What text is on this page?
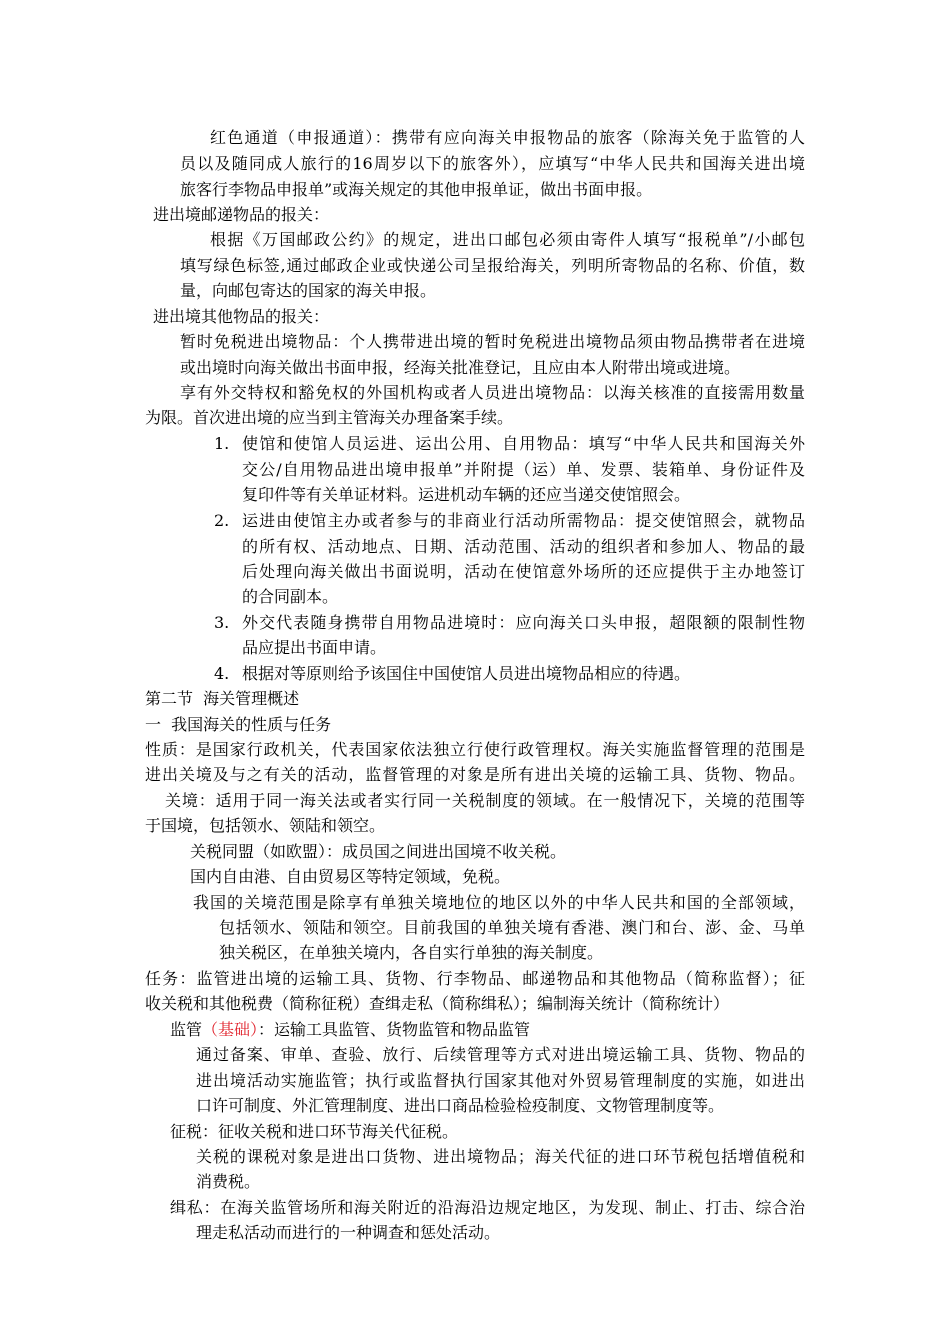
红色通道（申报通道）：携带有应向海关申报物品的旅客（除海关免于监管的人
员以及随同成人旅行的16周岁以下的旅客外），应填写“中华人民共和国海关进出境
旅客行李物品申报单”或海关规定的其他申报单证，做出书面申报。
进出境邮递物品的报关：
根据《万国邮政公约》的规定，进出口邮包必须由寄件人填写“报税单”/小邮包
填写绿色标签,通过邮政企业或快递公司呈报给海关，列明所寄物品的名称、价值，数
量，向邮包寄达的国家的海关申报。
进出境其他物品的报关：
暂时免税进出境物品：个人携带进出境的暂时免税进出境物品须由物品携带者在进境
或出境时向海关做出书面申报，经海关批准登记，且应由本人附带出境或进境。
享有外交特权和豁免权的外国机构或者人员进出境物品：以海关核准的直接需用数量
为限。首次进出境的应当到主管海关办理备案手续。
1. 使馆和使馆人员运进、运出公用、自用物品：填写“中华人民共和国海关外
交公/自用物品进出境申报单”并附提（运）单、发票、装箱单、身份证件及
复印件等有关单证材料。运进机动车辆的还应当递交使馆照会。
2. 运进由使馆主办或者参与的非商业行活动所需物品：提交使馆照会，就物品
的所有权、活动地点、日期、活动范围、活动的组织者和参加人、物品的最
后处理向海关做出书面说明，活动在使馆意外场所的还应提供于主办地签订
的合同副本。
3. 外交代表随身携带自用物品进境时：应向海关口头申报，超限额的限制性物
品应提出书面申请。
4. 根据对等原则给予该国住中国使馆人员进出境物品相应的待遇。
第二节  海关管理概述
一  我国海关的性质与任务
性质：是国家行政机关，代表国家依法独立行使行政管理权。海关实施监督管理的范围是
进出关境及与之有关的活动，监督管理的对象是所有进出关境的运输工具、货物、物品。
关境：适用于同一海关法或者实行同一关税制度的领域。在一般情况下，关境的范围等
于国境，包括领水、领陆和领空。
关税同盟（如欧盟）：成员国之间进出国境不收关税。
国内自由港、自由贸易区等特定领域，免税。
我国的关境范围是除享有单独关境地位的地区以外的中华人民共和国的全部领域，
包括领水、领陆和领空。目前我国的单独关境有香港、澳门和台、澎、金、马单
独关税区，在单独关境内，各自实行单独的海关制度。
任务：监管进出境的运输工具、货物、行李物品、邮递物品和其他物品（简称监督）；征
收关税和其他税费（简称征税）查缉走私（简称缉私）；编制海关统计（简称统计）
监管（基础）：运输工具监管、货物监管和物品监管
通过备案、审单、查验、放行、后续管理等方式对进出境运输工具、货物、物品的
进出境活动实施监管；执行或监督执行国家其他对外贸易管理制度的实施，如进出
口许可制度、外汇管理制度、进出口商品检验检疫制度、文物管理制度等。
征税：征收关税和进口环节海关代征税。
关税的课税对象是进出口货物、进出境物品；海关代征的进口环节税包括增值税和
消费税。
缉私：在海关监管场所和海关附近的沿海沿边规定地区，为发现、制止、打击、综合治
理走私活动而进行的一种调查和惩处活动。
